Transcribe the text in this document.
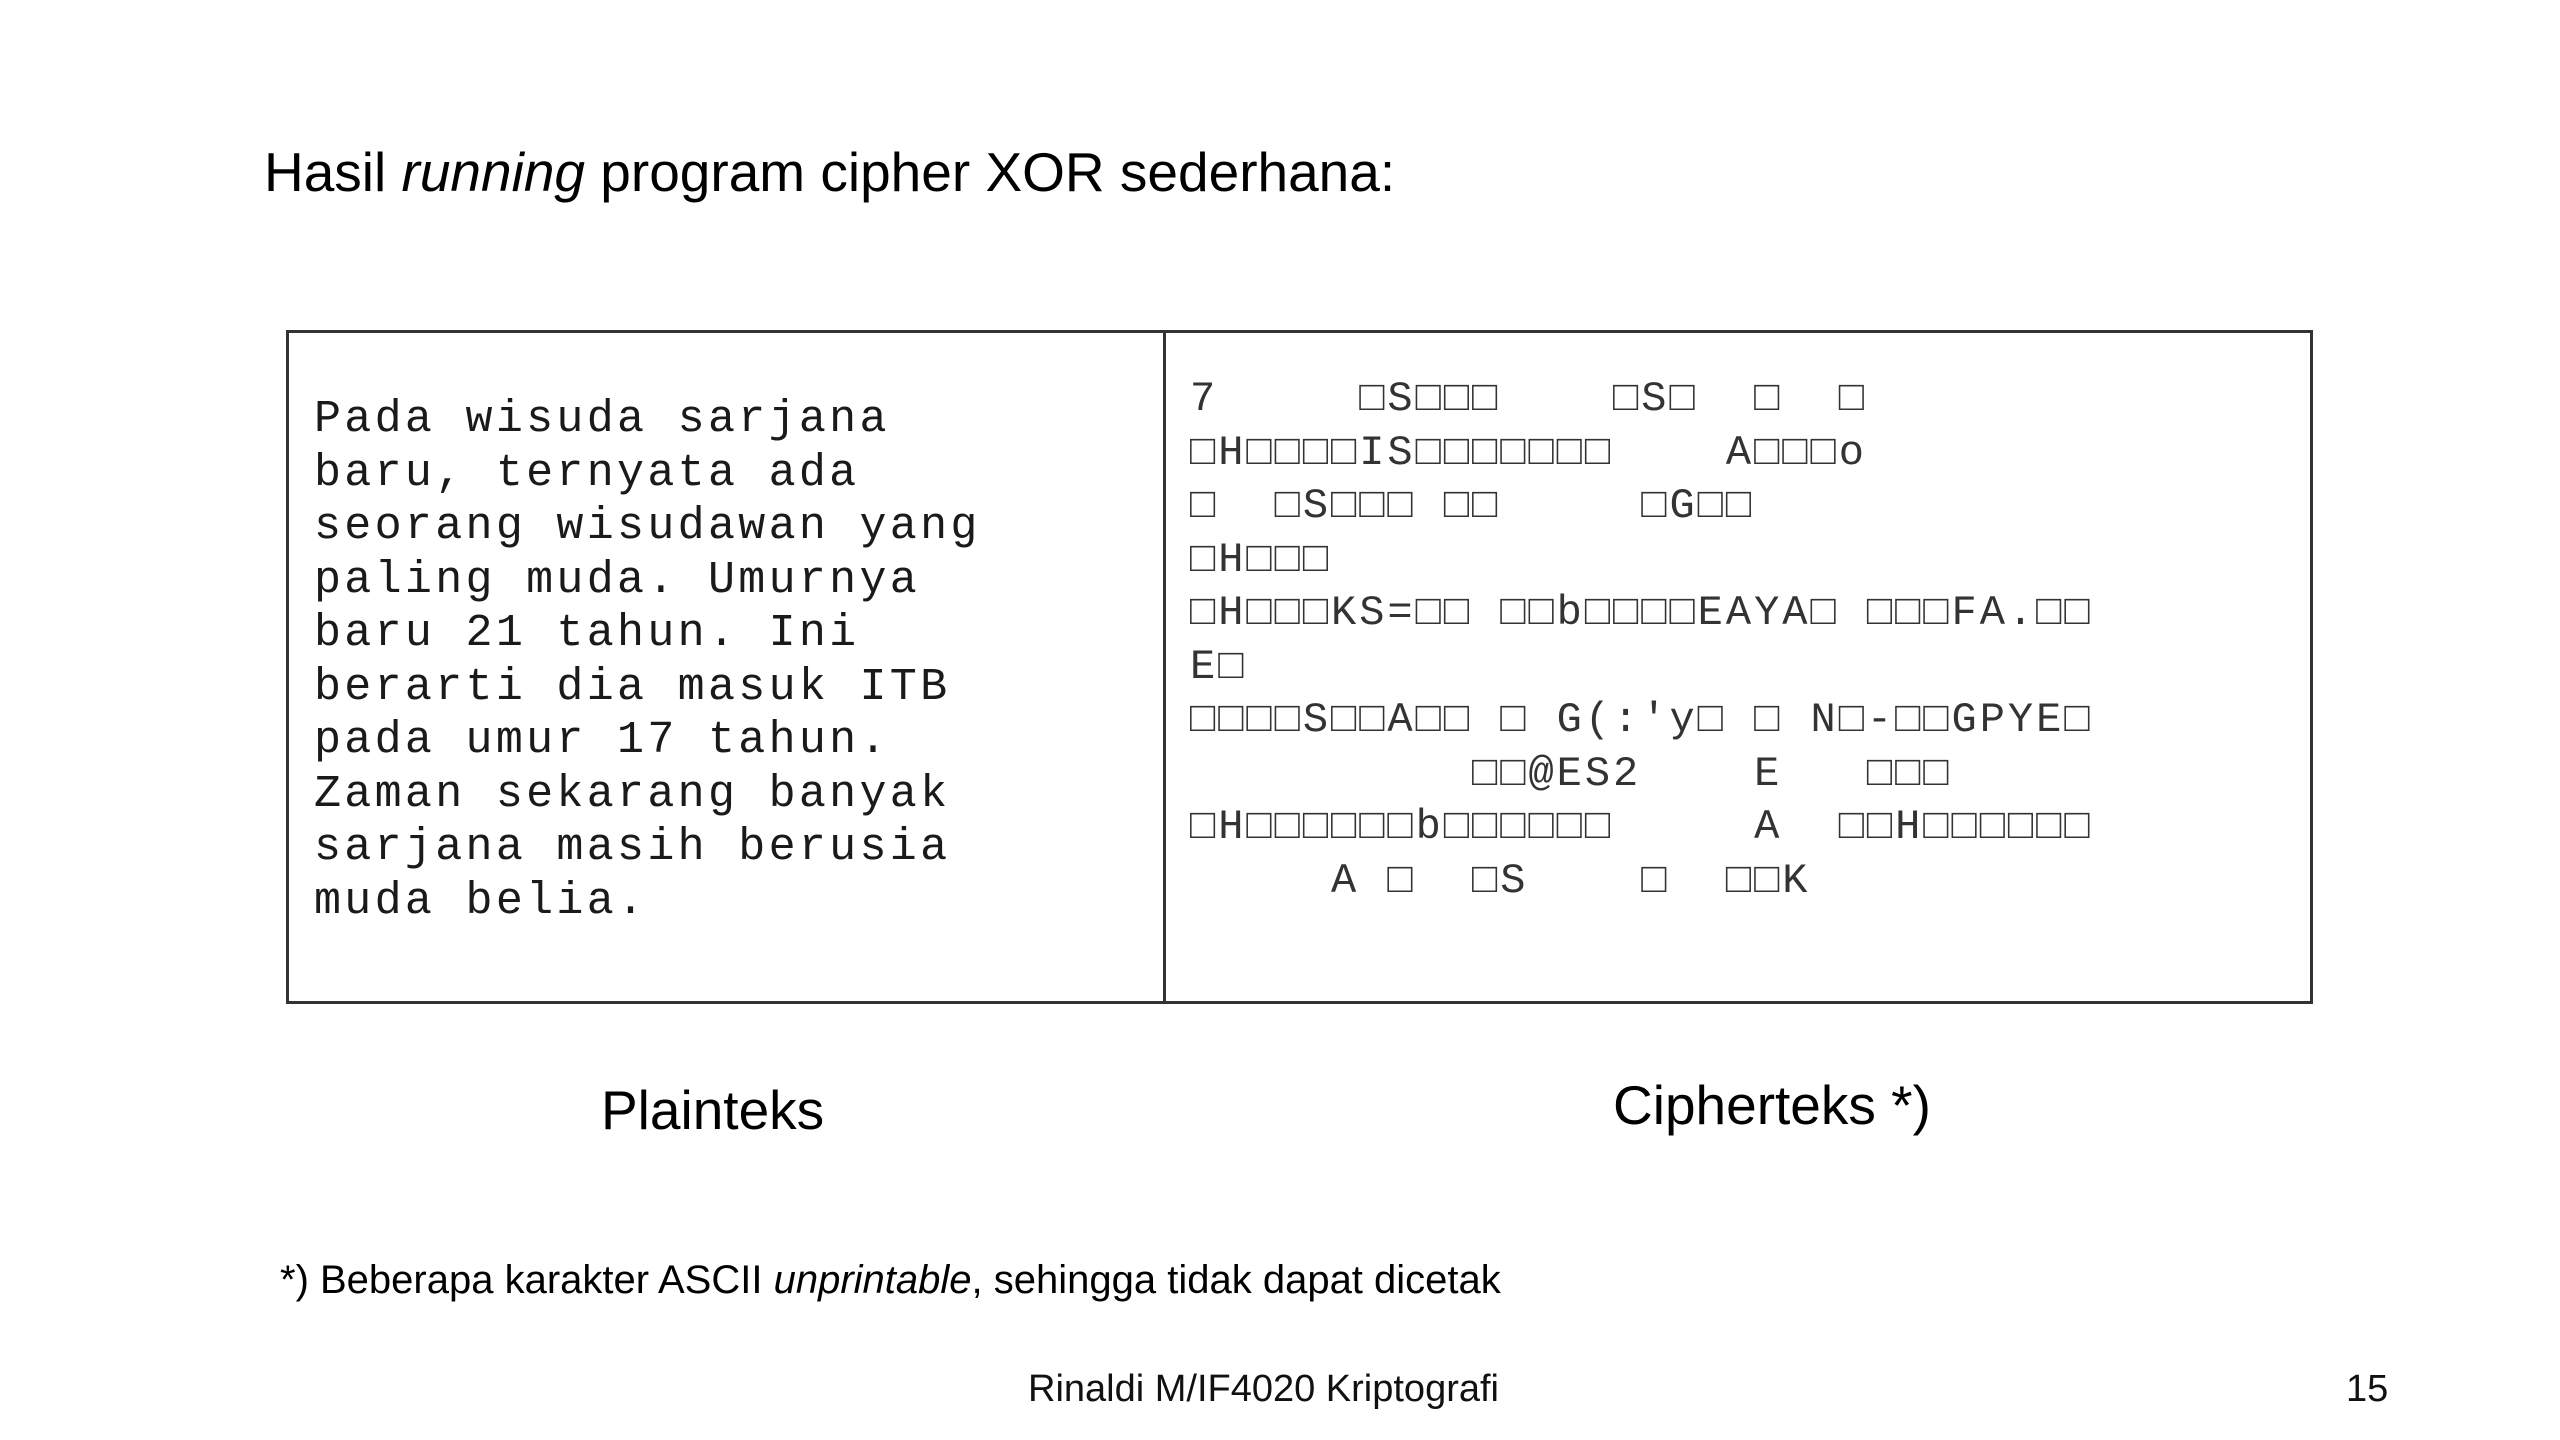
Hasil running program cipher XOR sederhana:
Pada wisuda sarjana
baru, ternyata ada
seorang wisudawan yang
paling muda. Umurnya
baru 21 tahun. Ini
berarti dia masuk ITB
pada umur 17 tahun.
Zaman sekarang banyak
sarjana masih berusia
muda belia.
7     □S□□□    □S□  □  □
□H□□□□IS□□□□□□□    A□□□o
□  □S□□□ □□     □G□□
□H□□□
□H□□□KS=□□ □□b□□□□EAYA□ □□□FA.□□
E□
□□□□S□□A□□ □ G(:'y□ □ N□-□□GPYE□
□□@ES2    E   □□□
□H□□□□□□b□□□□□□     A  □□H□□□□□□
A □  □S    □  □□K
Plainteks	Cipherteks *)
*) Beberapa karakter ASCII unprintable, sehingga tidak dapat dicetak
Rinaldi M/IF4020 Kriptografi	15
